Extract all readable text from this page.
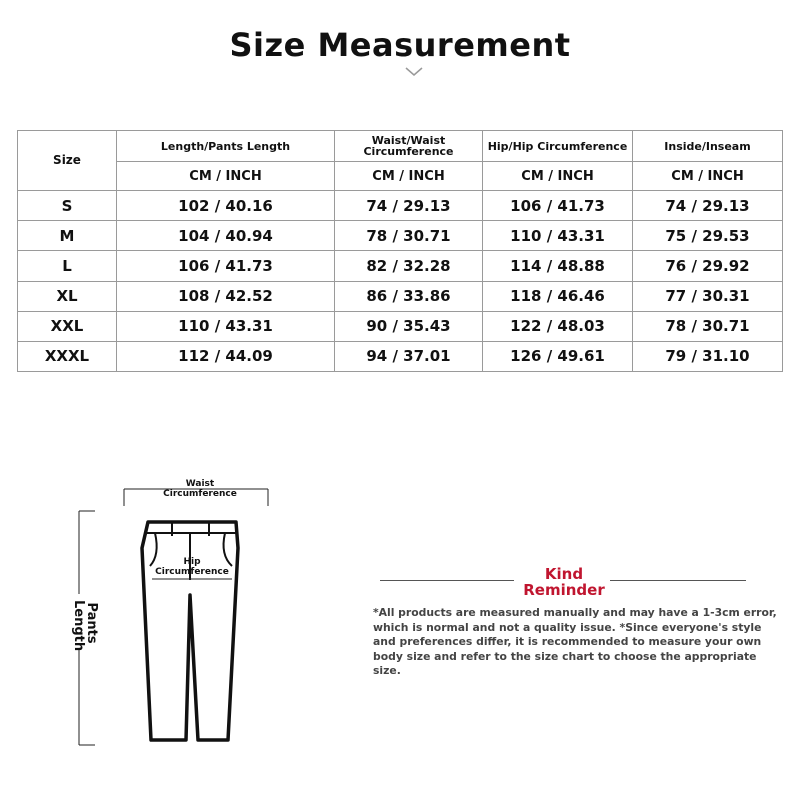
Size Measurement
Size	Length/Pants Length	Waist/Waist Circumference	Hip/Hip Circumference	Inside/Inseam
	CM / INCH	CM / INCH	CM / INCH	CM / INCH
S	102 / 40.16	74 / 29.13	106 / 41.73	74 / 29.13
M	104 / 40.94	78 / 30.71	110 / 43.31	75 / 29.53
L	106 / 41.73	82 / 32.28	114 / 48.88	76 / 29.92
XL	108 / 42.52	86 / 33.86	118 / 46.46	77 / 30.31
XXL	110 / 43.31	90 / 35.43	122 / 48.03	78 / 30.71
XXXL	112 / 44.09	94 / 37.01	126 / 49.61	79 / 31.10
Waist
Circumference
Hip
Circumference
Pants
Length
Kind
Reminder
*All products are measured manually and may have a 1-3cm error, which is normal and not a quality issue. *Since everyone's style and preferences differ, it is recommended to measure your own body size and refer to the size chart to choose the appropriate size.
